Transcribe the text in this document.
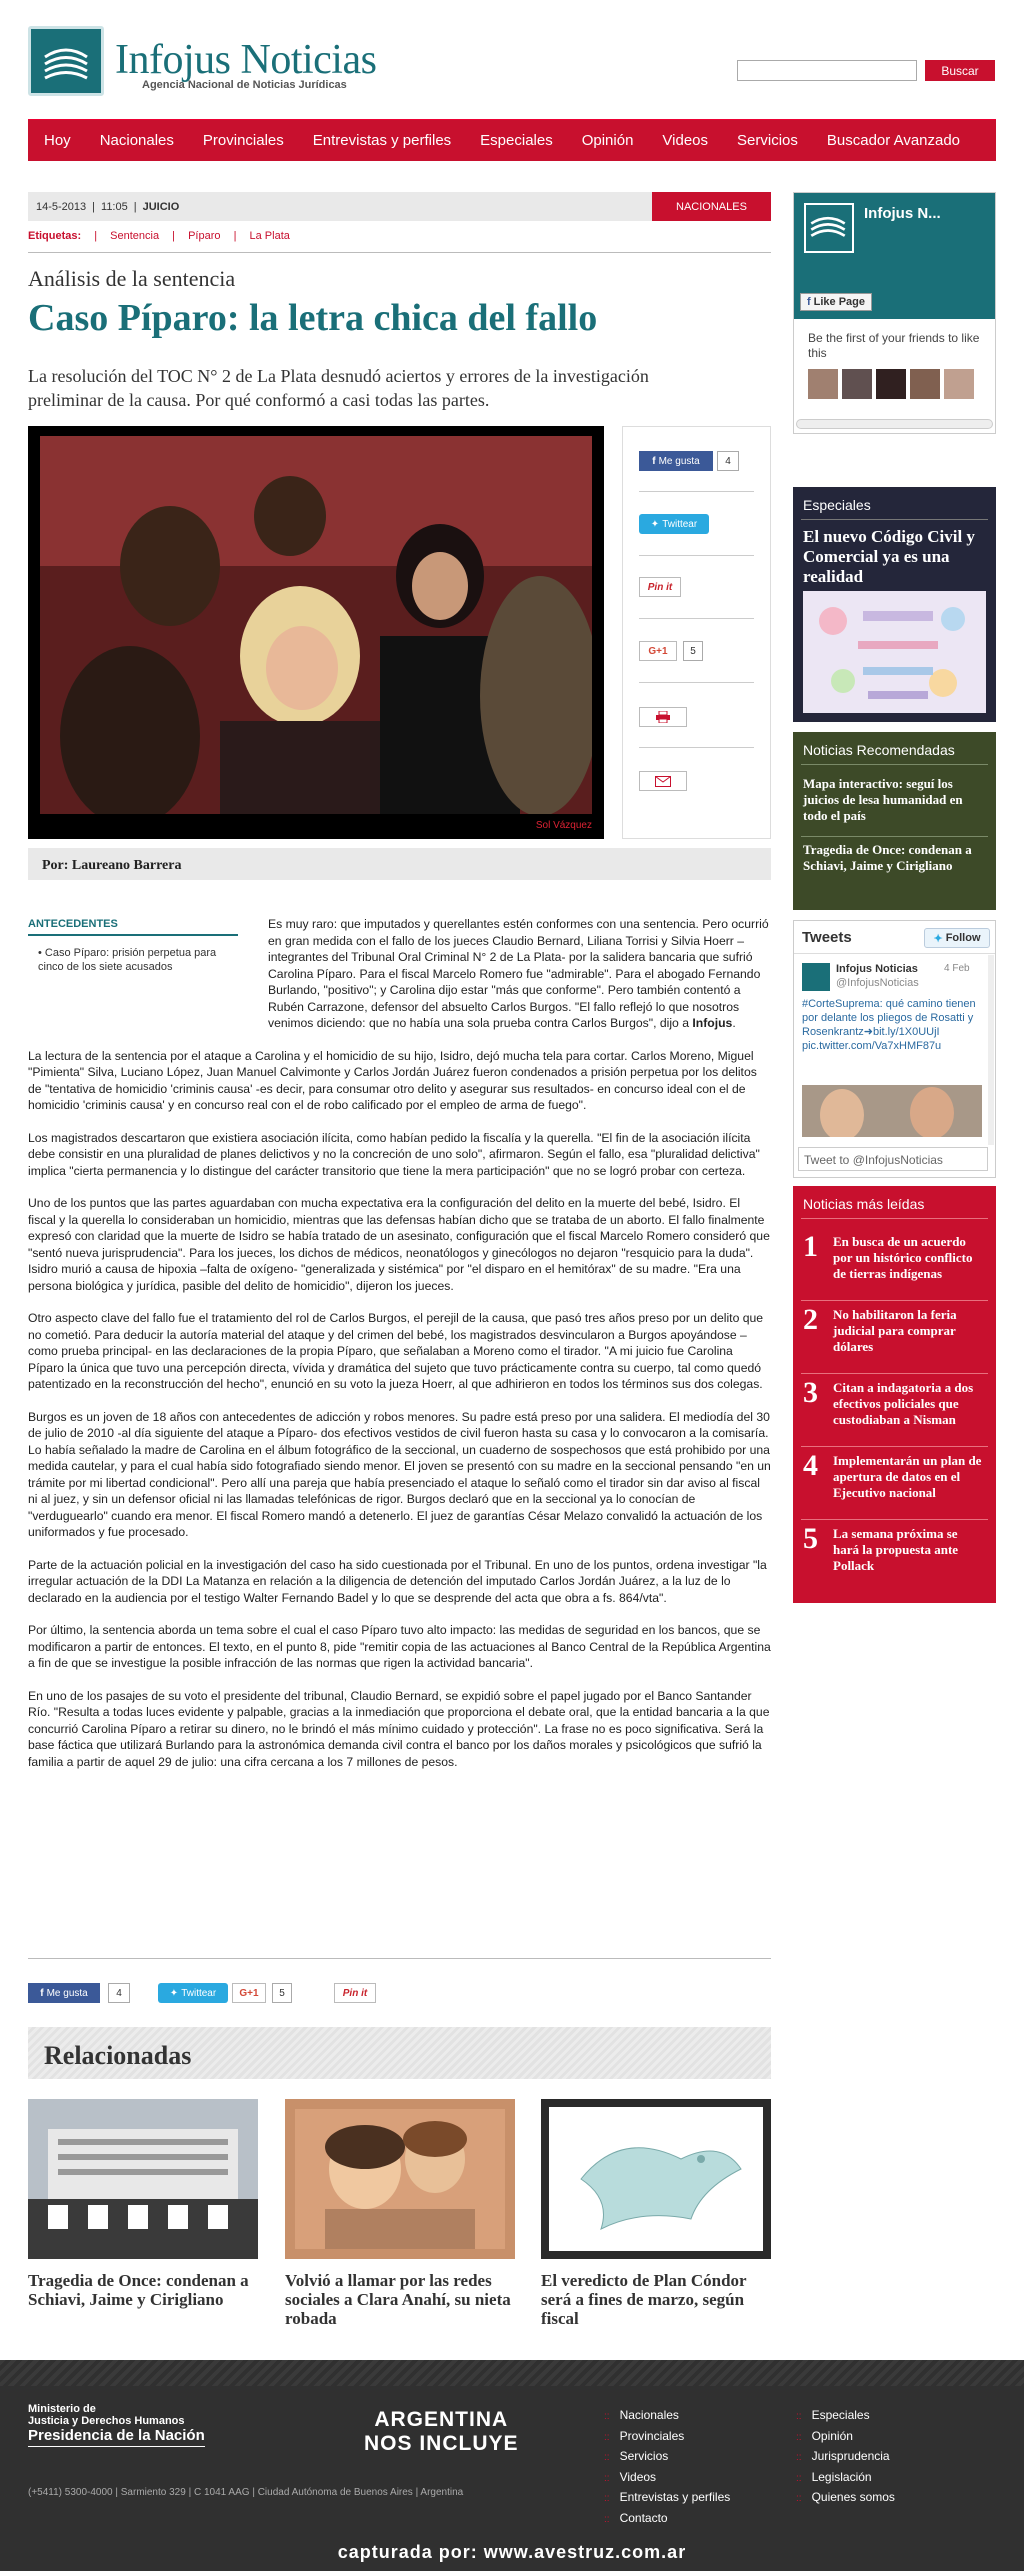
Infojus Noticias
Agencia Nacional de Noticias Jurídicas
Buscar
Hoy Nacionales Provinciales Entrevistas y perfiles Especiales Opinión Videos Servicios Buscador Avanzado
14-5-2013 | 11:05 | JUICIO	NACIONALES
Etiquetas: | Sentencia | Píparo | La Plata
Análisis de la sentencia
Caso Píparo: la letra chica del fallo
La resolución del TOC N° 2 de La Plata desnudó aciertos y errores de la investigación preliminar de la causa. Por qué conformó a casi todas las partes.
Sol Vázquez
f Me gusta	4
✦ Twittear
Pin it
G+1	5
Por: Laureano Barrera
ANTECEDENTES
• Caso Píparo: prisión perpetua para cinco de los siete acusados

Es muy raro: que imputados y querellantes estén conformes con una sentencia. Pero ocurrió en gran medida con el fallo de los jueces Claudio Bernard, Liliana Torrisi y Silvia Hoerr –integrantes del Tribunal Oral Criminal N° 2 de La Plata- por la salidera bancaria que sufrió Carolina Píparo. Para el fiscal Marcelo Romero fue "admirable". Para el abogado Fernando Burlando, "positivo"; y Carolina dijo estar "más que conforme". Pero también contentó a Rubén Carrazone, defensor del absuelto Carlos Burgos. "El fallo reflejó lo que nosotros venimos diciendo: que no había una sola prueba contra Carlos Burgos", dijo a Infojus.

La lectura de la sentencia por el ataque a Carolina y el homicidio de su hijo, Isidro, dejó mucha tela para cortar. Carlos Moreno, Miguel "Pimienta" Silva, Luciano López, Juan Manuel Calvimonte y Carlos Jordán Juárez fueron condenados a prisión perpetua por los delitos de "tentativa de homicidio 'criminis causa' -es decir, para consumar otro delito y asegurar sus resultados- en concurso ideal con el de homicidio 'criminis causa' y en concurso real con el de robo calificado por el empleo de arma de fuego".

Los magistrados descartaron que existiera asociación ilícita, como habían pedido la fiscalía y la querella. "El fin de la asociación ilícita debe consistir en una pluralidad de planes delictivos y no la concreción de uno solo", afirmaron. Según el fallo, esa "pluralidad delictiva" implica "cierta permanencia y lo distingue del carácter transitorio que tiene la mera participación" que no se logró probar con certeza.

Uno de los puntos que las partes aguardaban con mucha expectativa era la configuración del delito en la muerte del bebé, Isidro. El fiscal y la querella lo consideraban un homicidio, mientras que las defensas habían dicho que se trataba de un aborto. El fallo finalmente expresó con claridad que la muerte de Isidro se había tratado de un asesinato, configuración que el fiscal Marcelo Romero consideró que "sentó nueva jurisprudencia". Para los jueces, los dichos de médicos, neonatólogos y ginecólogos no dejaron "resquicio para la duda". Isidro murió a causa de hipoxia –falta de oxígeno- "generalizada y sistémica" por "el disparo en el hemitórax" de su madre. "Era una persona biológica y jurídica, pasible del delito de homicidio", dijeron los jueces.

Otro aspecto clave del fallo fue el tratamiento del rol de Carlos Burgos, el perejil de la causa, que pasó tres años preso por un delito que no cometió. Para deducir la autoría material del ataque y del crimen del bebé, los magistrados desvincularon a Burgos apoyándose –como prueba principal- en las declaraciones de la propia Píparo, que señalaban a Moreno como el tirador. "A mi juicio fue Carolina Píparo la única que tuvo una percepción directa, vívida y dramática del sujeto que tuvo prácticamente contra su cuerpo, tal como quedó patentizado en la reconstrucción del hecho", enunció en su voto la jueza Hoerr, al que adhirieron en todos los términos sus dos colegas.

Burgos es un joven de 18 años con antecedentes de adicción y robos menores. Su padre está preso por una salidera. El mediodía del 30 de julio de 2010 -al día siguiente del ataque a Píparo- dos efectivos vestidos de civil fueron hasta su casa y lo convocaron a la comisaría. Lo había señalado la madre de Carolina en el álbum fotográfico de la seccional, un cuaderno de sospechosos que está prohibido por una medida cautelar, y para el cual había sido fotografiado siendo menor. El joven se presentó con su madre en la seccional pensando "en un trámite por mi libertad condicional". Pero allí una pareja que había presenciado el ataque lo señaló como el tirador sin dar aviso al fiscal ni al juez, y sin un defensor oficial ni las llamadas telefónicas de rigor. Burgos declaró que en la seccional ya lo conocían de "verduguearlo" cuando era menor. El fiscal Romero mandó a detenerlo. El juez de garantías César Melazo convalidó la actuación de los uniformados y fue procesado.

Parte de la actuación policial en la investigación del caso ha sido cuestionada por el Tribunal. En uno de los puntos, ordena investigar "la irregular actuación de la DDI La Matanza en relación a la diligencia de detención del imputado Carlos Jordán Juárez, a la luz de lo declarado en la audiencia por el testigo Walter Fernando Badel y lo que se desprende del acta que obra a fs. 864/vta".

Por último, la sentencia aborda un tema sobre el cual el caso Píparo tuvo alto impacto: las medidas de seguridad en los bancos, que se modificaron a partir de entonces. El texto, en el punto 8, pide "remitir copia de las actuaciones al Banco Central de la República Argentina a fin de que se investigue la posible infracción de las normas que rigen la actividad bancaria".

En uno de los pasajes de su voto el presidente del tribunal, Claudio Bernard, se expidió sobre el papel jugado por el Banco Santander Río. "Resulta a todas luces evidente y palpable, gracias a la inmediación que proporciona el debate oral, que la entidad bancaria a la que concurrió Carolina Píparo a retirar su dinero, no le brindó el más mínimo cuidado y protección". La frase no es poco significativa. Será la base fáctica que utilizará Burlando para la astronómica demanda civil contra el banco por los daños morales y psicológicos que sufrió la familia a partir de aquel 29 de julio: una cifra cercana a los 7 millones de pesos.

f Me gusta	4	✦ Twittear	G+1	5	Pin it
Relacionadas
Tragedia de Once: condenan a Schiavi, Jaime y Cirigliano
Volvió a llamar por las redes sociales a Clara Anahí, su nieta robada
El veredicto de Plan Cóndor será a fines de marzo, según fiscal
Infojus N...
f Like Page
Be the first of your friends to like this
Especiales
El nuevo Código Civil y Comercial ya es una realidad
Noticias Recomendadas
Mapa interactivo: seguí los juicios de lesa humanidad en todo el país
Tragedia de Once: condenan a Schiavi, Jaime y Cirigliano
Tweets	✦ Follow
Infojus Noticias	4 Feb
@InfojusNoticias
#CorteSuprema: qué camino tienen por delante los pliegos de Rosatti y Rosenkrantz➜bit.ly/1X0UUjI pic.twitter.com/Va7xHMF87u
Tweet to @InfojusNoticias
Noticias más leídas
1 En busca de un acuerdo por un histórico conflicto de tierras indígenas
2 No habilitaron la feria judicial para comprar dólares
3 Citan a indagatoria a dos efectivos policiales que custodiaban a Nisman
4 Implementarán un plan de apertura de datos en el Ejecutivo nacional
5 La semana próxima se hará la propuesta ante Pollack
Ministerio de
Justicia y Derechos Humanos
Presidencia de la Nación
ARGENTINA
NOS INCLUYE
(+5411) 5300-4000 | Sarmiento 329 | C 1041 AAG | Ciudad Autónoma de Buenos Aires | Argentina
:: Nacionales
:: Provinciales
:: Servicios
:: Videos
:: Entrevistas y perfiles
:: Contacto
:: Especiales
:: Opinión
:: Jurisprudencia
:: Legislación
:: Quienes somos
capturada por: www.avestruz.com.ar
